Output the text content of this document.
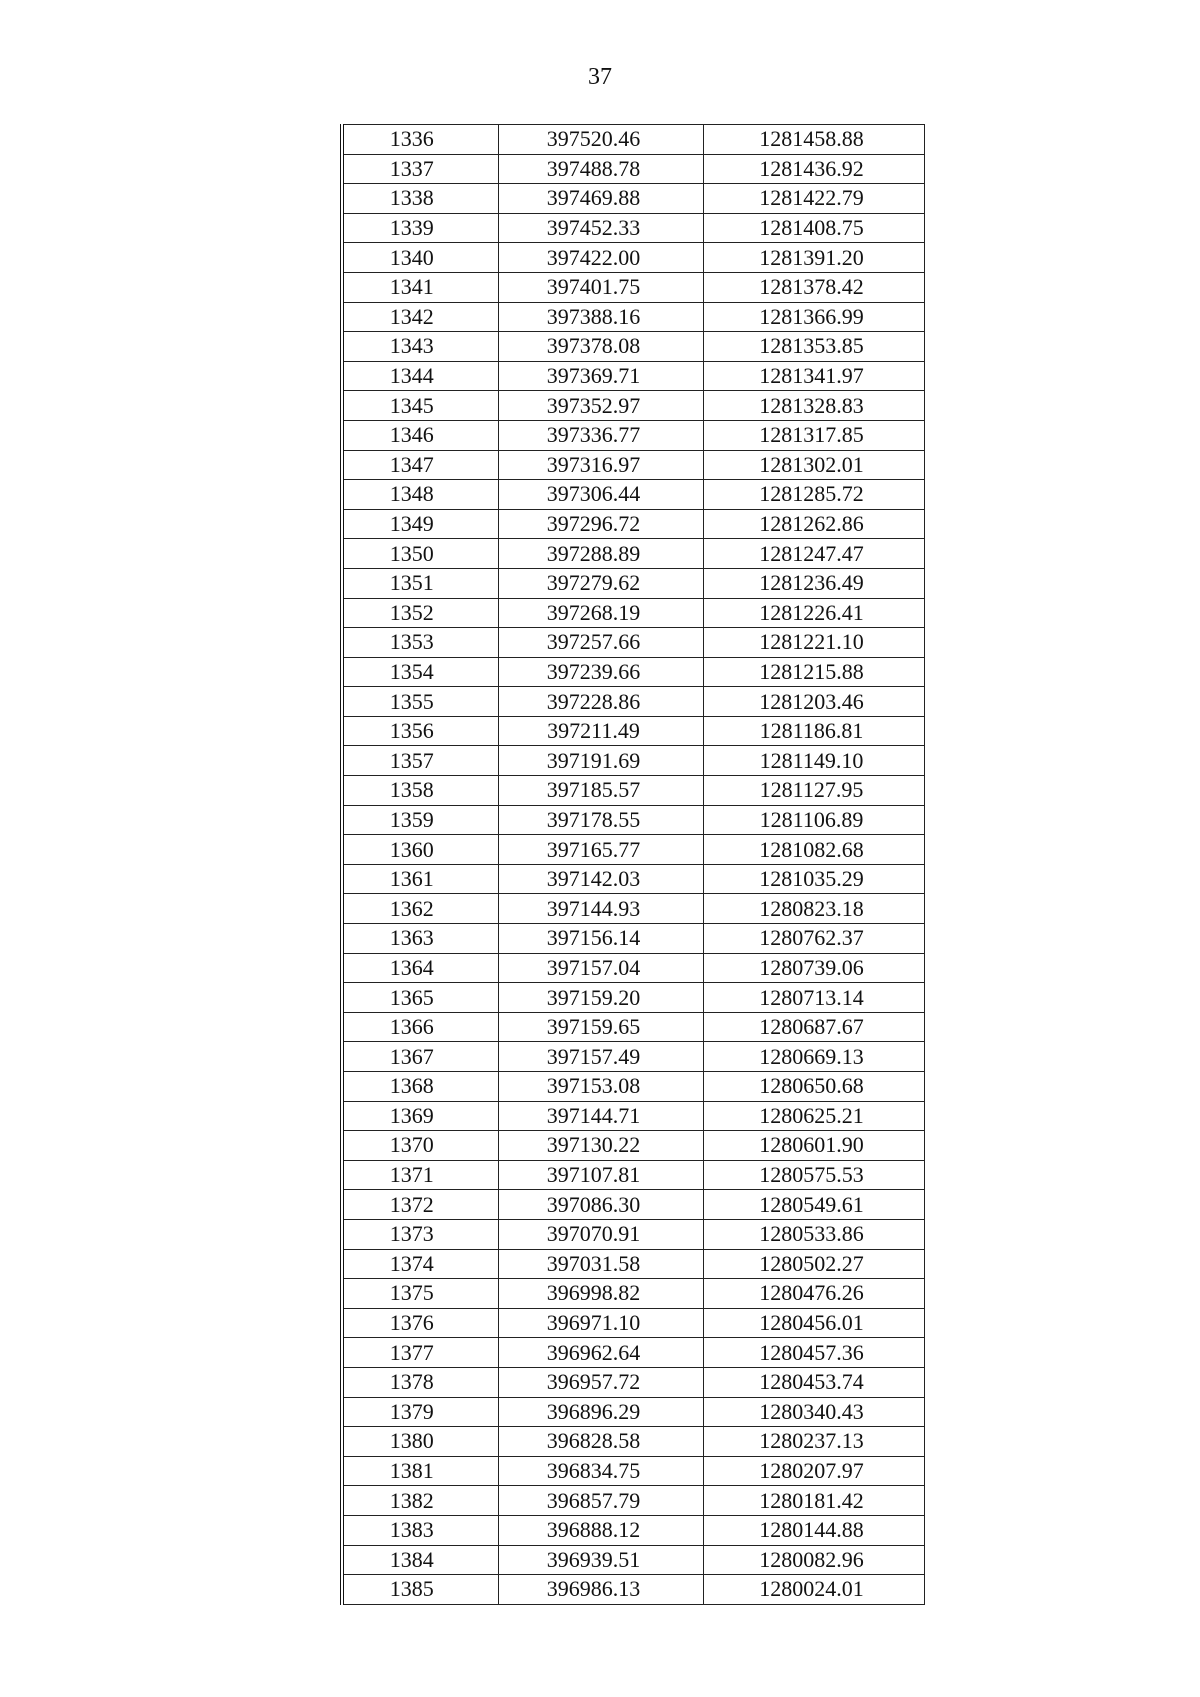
37
1336	397520.46	1281458.88
1337	397488.78	1281436.92
1338	397469.88	1281422.79
1339	397452.33	1281408.75
1340	397422.00	1281391.20
1341	397401.75	1281378.42
1342	397388.16	1281366.99
1343	397378.08	1281353.85
1344	397369.71	1281341.97
1345	397352.97	1281328.83
1346	397336.77	1281317.85
1347	397316.97	1281302.01
1348	397306.44	1281285.72
1349	397296.72	1281262.86
1350	397288.89	1281247.47
1351	397279.62	1281236.49
1352	397268.19	1281226.41
1353	397257.66	1281221.10
1354	397239.66	1281215.88
1355	397228.86	1281203.46
1356	397211.49	1281186.81
1357	397191.69	1281149.10
1358	397185.57	1281127.95
1359	397178.55	1281106.89
1360	397165.77	1281082.68
1361	397142.03	1281035.29
1362	397144.93	1280823.18
1363	397156.14	1280762.37
1364	397157.04	1280739.06
1365	397159.20	1280713.14
1366	397159.65	1280687.67
1367	397157.49	1280669.13
1368	397153.08	1280650.68
1369	397144.71	1280625.21
1370	397130.22	1280601.90
1371	397107.81	1280575.53
1372	397086.30	1280549.61
1373	397070.91	1280533.86
1374	397031.58	1280502.27
1375	396998.82	1280476.26
1376	396971.10	1280456.01
1377	396962.64	1280457.36
1378	396957.72	1280453.74
1379	396896.29	1280340.43
1380	396828.58	1280237.13
1381	396834.75	1280207.97
1382	396857.79	1280181.42
1383	396888.12	1280144.88
1384	396939.51	1280082.96
1385	396986.13	1280024.01
